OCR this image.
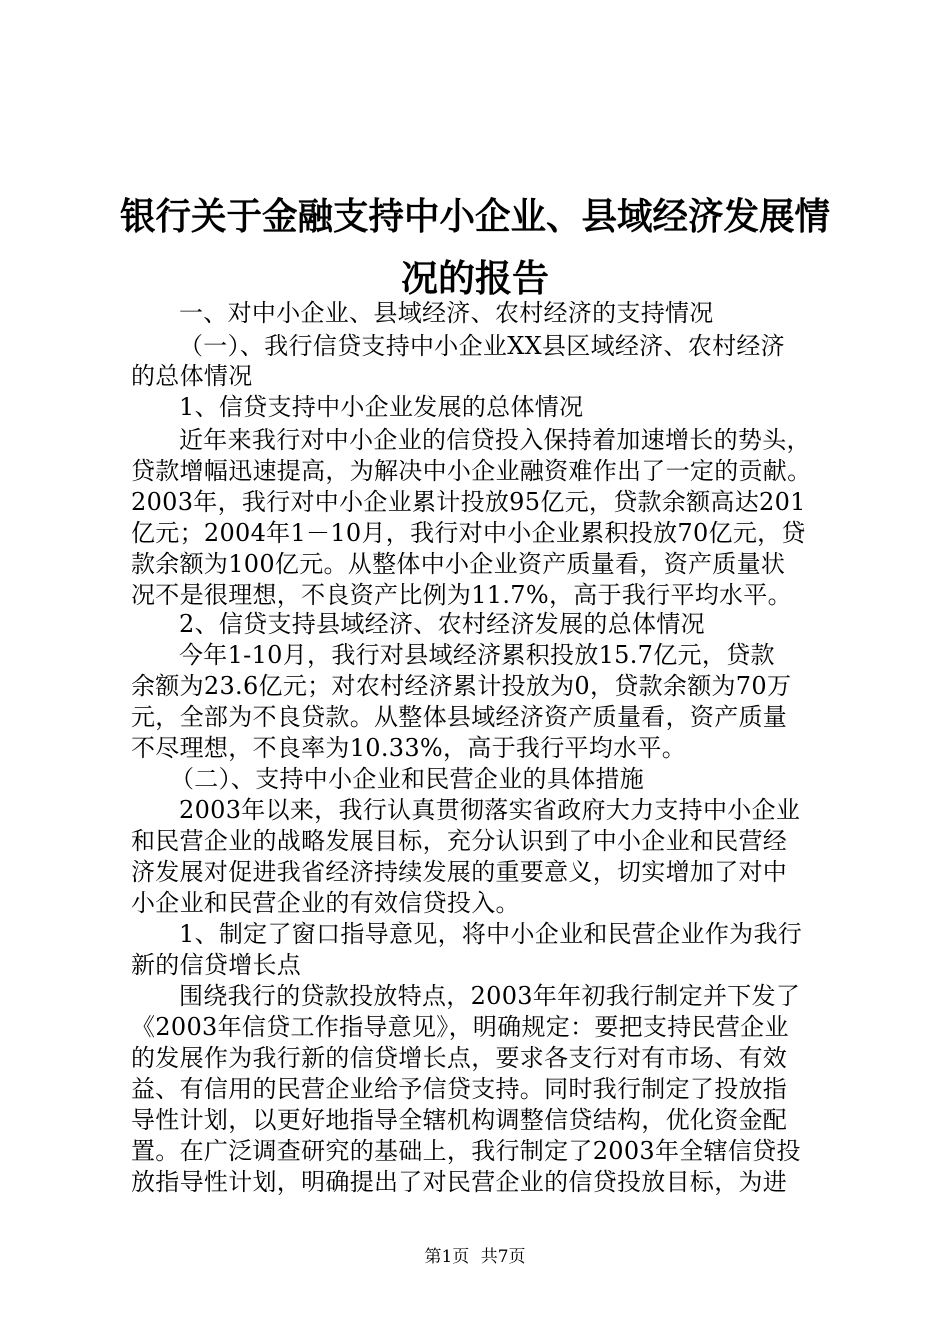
银行关于金融支持中小企业、县域经济发展情
况的报告
一、对中小企业、县域经济、农村经济的支持情况
（一）、我行信贷支持中小企业XX县区域经济、农村经济
的总体情况
1、信贷支持中小企业发展的总体情况
近年来我行对中小企业的信贷投入保持着加速增长的势头，
贷款增幅迅速提高，为解决中小企业融资难作出了一定的贡献。
2003年，我行对中小企业累计投放95亿元，贷款余额高达201
亿元；2004年1－10月，我行对中小企业累积投放70亿元，贷
款余额为100亿元。从整体中小企业资产质量看，资产质量状
况不是很理想，不良资产比例为11.7%，高于我行平均水平。
2、信贷支持县域经济、农村经济发展的总体情况
今年1-10月，我行对县域经济累积投放15.7亿元，贷款
余额为23.6亿元；对农村经济累计投放为0，贷款余额为70万
元，全部为不良贷款。从整体县域经济资产质量看，资产质量
不尽理想，不良率为10.33%，高于我行平均水平。
（二）、支持中小企业和民营企业的具体措施
2003年以来，我行认真贯彻落实省政府大力支持中小企业
和民营企业的战略发展目标，充分认识到了中小企业和民营经
济发展对促进我省经济持续发展的重要意义，切实增加了对中
小企业和民营企业的有效信贷投入。
1、制定了窗口指导意见，将中小企业和民营企业作为我行
新的信贷增长点
围绕我行的贷款投放特点，2003年年初我行制定并下发了
《2003年信贷工作指导意见》，明确规定：要把支持民营企业
的发展作为我行新的信贷增长点，要求各支行对有市场、有效
益、有信用的民营企业给予信贷支持。同时我行制定了投放指
导性计划，以更好地指导全辖机构调整信贷结构，优化资金配
置。在广泛调查研究的基础上，我行制定了2003年全辖信贷投
放指导性计划，明确提出了对民营企业的信贷投放目标，为进
第1页 共7页
